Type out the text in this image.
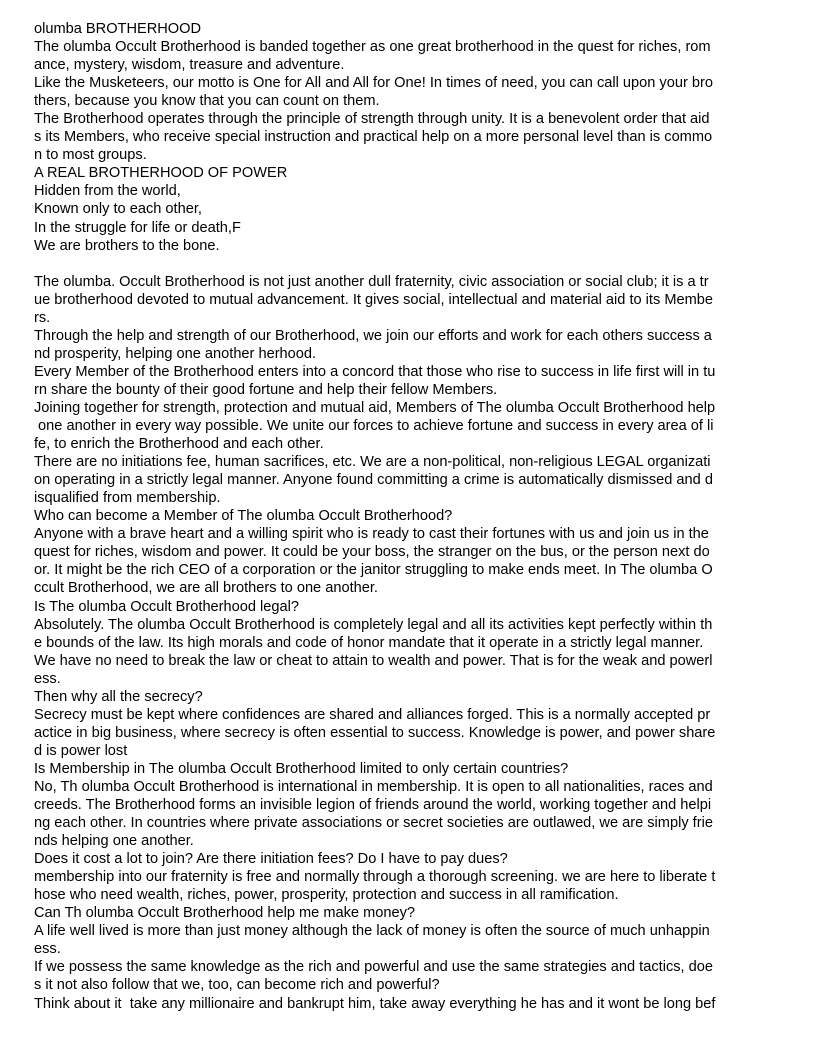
olumba BROTHERHOOD
The olumba Occult Brotherhood is banded together as one great brotherhood in the quest for riches, rom
ance, mystery, wisdom, treasure and adventure.
Like the Musketeers, our motto is One for All and All for One! In times of need, you can call upon your bro
thers, because you know that you can count on them.
The Brotherhood operates through the principle of strength through unity. It is a benevolent order that aid
s its Members, who receive special instruction and practical help on a more personal level than is commo
n to most groups.
A REAL BROTHERHOOD OF POWER
Hidden from the world,
Known only to each other,
In the struggle for life or death,F
We are brothers to the bone.
The olumba. Occult Brotherhood is not just another dull fraternity, civic association or social club; it is a tr
ue brotherhood devoted to mutual advancement. It gives social, intellectual and material aid to its Membe
rs.
Through the help and strength of our Brotherhood, we join our efforts and work for each others success a
nd prosperity, helping one another herhood.
Every Member of the Brotherhood enters into a concord that those who rise to success in life first will in tu
rn share the bounty of their good fortune and help their fellow Members.
Joining together for strength, protection and mutual aid, Members of The olumba Occult Brotherhood help
one another in every way possible. We unite our forces to achieve fortune and success in every area of li
fe, to enrich the Brotherhood and each other.
There are no initiations fee, human sacrifices, etc. We are a non-political, non-religious LEGAL organizati
on operating in a strictly legal manner. Anyone found committing a crime is automatically dismissed and d
isqualified from membership.
Who can become a Member of The olumba Occult Brotherhood?
Anyone with a brave heart and a willing spirit who is ready to cast their fortunes with us and join us in the
quest for riches, wisdom and power. It could be your boss, the stranger on the bus, or the person next do
or. It might be the rich CEO of a corporation or the janitor struggling to make ends meet. In The olumba O
ccult Brotherhood, we are all brothers to one another.
Is The olumba Occult Brotherhood legal?
Absolutely. The olumba Occult Brotherhood is completely legal and all its activities kept perfectly within th
e bounds of the law. Its high morals and code of honor mandate that it operate in a strictly legal manner.
We have no need to break the law or cheat to attain to wealth and power. That is for the weak and powerl
ess.
Then why all the secrecy?
Secrecy must be kept where confidences are shared and alliances forged. This is a normally accepted pr
actice in big business, where secrecy is often essential to success. Knowledge is power, and power share
d is power lost
Is Membership in The olumba Occult Brotherhood limited to only certain countries?
No, Th olumba Occult Brotherhood is international in membership. It is open to all nationalities, races and
creeds. The Brotherhood forms an invisible legion of friends around the world, working together and helpi
ng each other. In countries where private associations or secret societies are outlawed, we are simply frie
nds helping one another.
Does it cost a lot to join? Are there initiation fees? Do I have to pay dues?
membership into our fraternity is free and normally through a thorough screening. we are here to liberate t
hose who need wealth, riches, power, prosperity, protection and success in all ramification.
Can Th olumba Occult Brotherhood help me make money?
A life well lived is more than just money although the lack of money is often the source of much unhappin
ess.
If we possess the same knowledge as the rich and powerful and use the same strategies and tactics, doe
s it not also follow that we, too, can become rich and powerful?
Think about it  take any millionaire and bankrupt him, take away everything he has and it wont be long bef
